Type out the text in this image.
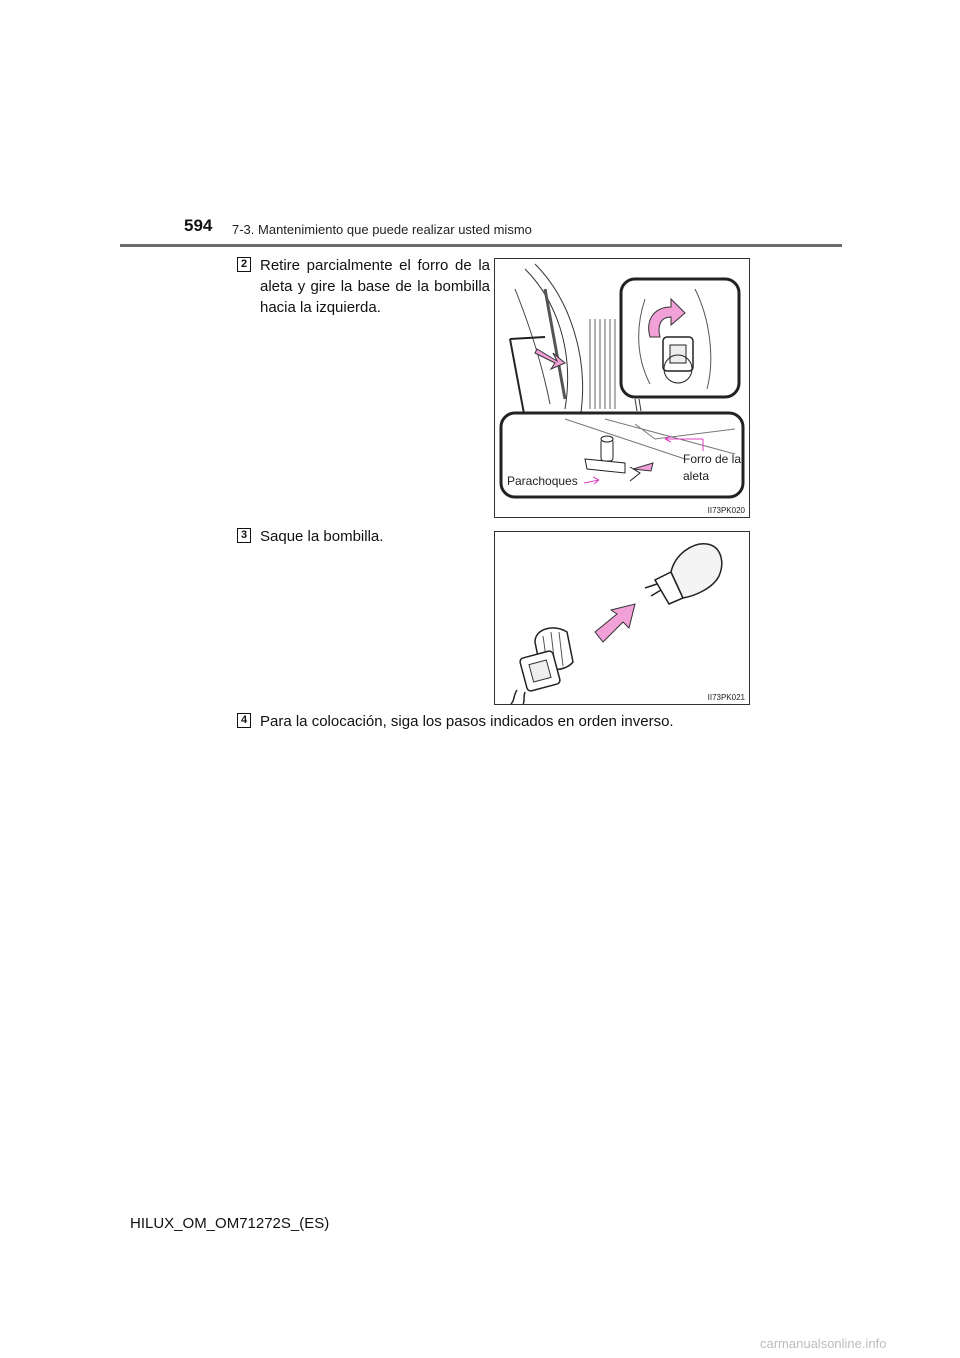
594 7-3. Mantenimiento que puede realizar usted mismo
2 Retire parcialmente el forro de la aleta y gire la base de la bombilla hacia la izquierda.
Forro de la aleta
Parachoques
II73PK020
3 Saque la bombilla.
II73PK021
4 Para la colocación, siga los pasos indicados en orden inverso.
HILUX_OM_OM71272S_(ES)
carmanualsonline.info
